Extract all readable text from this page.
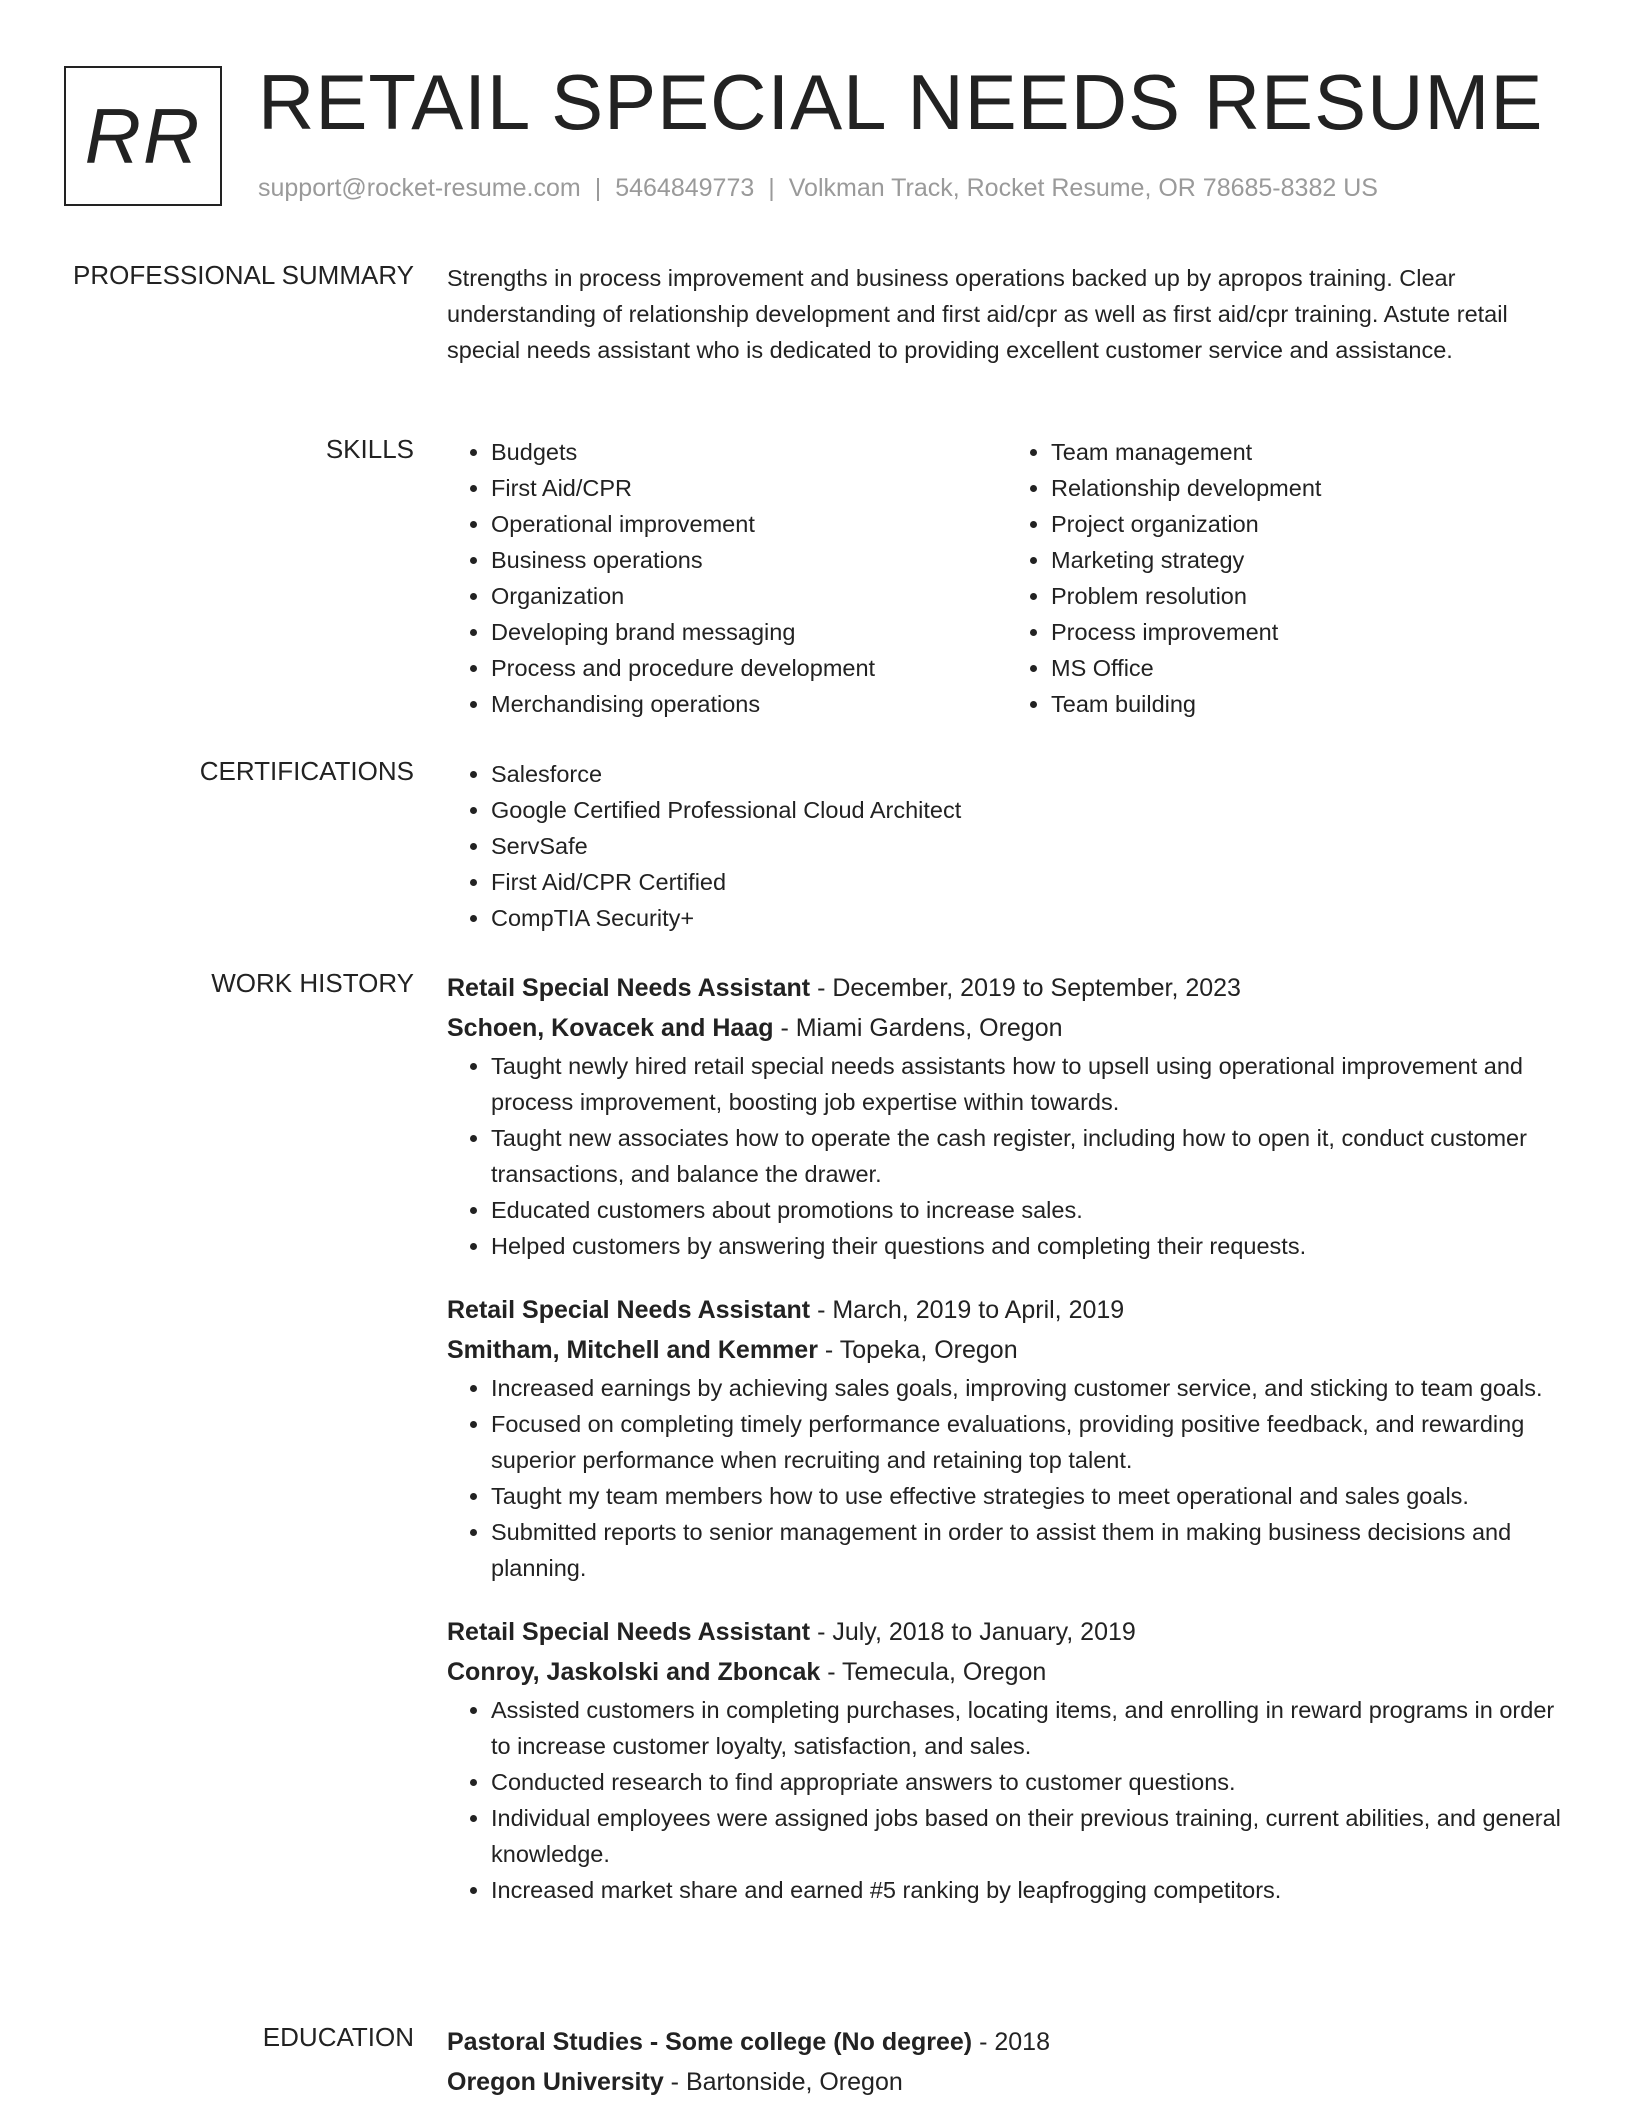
RR RETAIL SPECIAL NEEDS RESUME
support@rocket-resume.com | 5464849773 | Volkman Track, Rocket Resume, OR 78685-8382 US
PROFESSIONAL SUMMARY Strengths in process improvement and business operations backed up by apropos training. Clear understanding of relationship development and first aid/cpr as well as first aid/cpr training. Astute retail special needs assistant who is dedicated to providing excellent customer service and assistance.
SKILLS	• Budgets
• First Aid/CPR
• Operational improvement
• Business operations
• Organization
• Developing brand messaging
• Process and procedure development
• Merchandising operations
• Team management
• Relationship development
• Project organization
• Marketing strategy
• Problem resolution
• Process improvement
• MS Office
• Team building
CERTIFICATIONS	• Salesforce
• Google Certified Professional Cloud Architect
• ServSafe
• First Aid/CPR Certified
• CompTIA Security+
WORK HISTORY Retail Special Needs Assistant - December, 2019 to September, 2023
Schoen, Kovacek and Haag - Miami Gardens, Oregon
• Taught newly hired retail special needs assistants how to upsell using operational improvement and process improvement, boosting job expertise within towards.
• Taught new associates how to operate the cash register, including how to open it, conduct customer transactions, and balance the drawer.
• Educated customers about promotions to increase sales.
• Helped customers by answering their questions and completing their requests.
Retail Special Needs Assistant - March, 2019 to April, 2019
Smitham, Mitchell and Kemmer - Topeka, Oregon
• Increased earnings by achieving sales goals, improving customer service, and sticking to team goals.
• Focused on completing timely performance evaluations, providing positive feedback, and rewarding superior performance when recruiting and retaining top talent.
• Taught my team members how to use effective strategies to meet operational and sales goals.
• Submitted reports to senior management in order to assist them in making business decisions and planning.
Retail Special Needs Assistant - July, 2018 to January, 2019
Conroy, Jaskolski and Zboncak - Temecula, Oregon
• Assisted customers in completing purchases, locating items, and enrolling in reward programs in order to increase customer loyalty, satisfaction, and sales.
• Conducted research to find appropriate answers to customer questions.
• Individual employees were assigned jobs based on their previous training, current abilities, and general knowledge.
• Increased market share and earned #5 ranking by leapfrogging competitors.
EDUCATION Pastoral Studies - Some college (No degree) - 2018
Oregon University - Bartonside, Oregon
